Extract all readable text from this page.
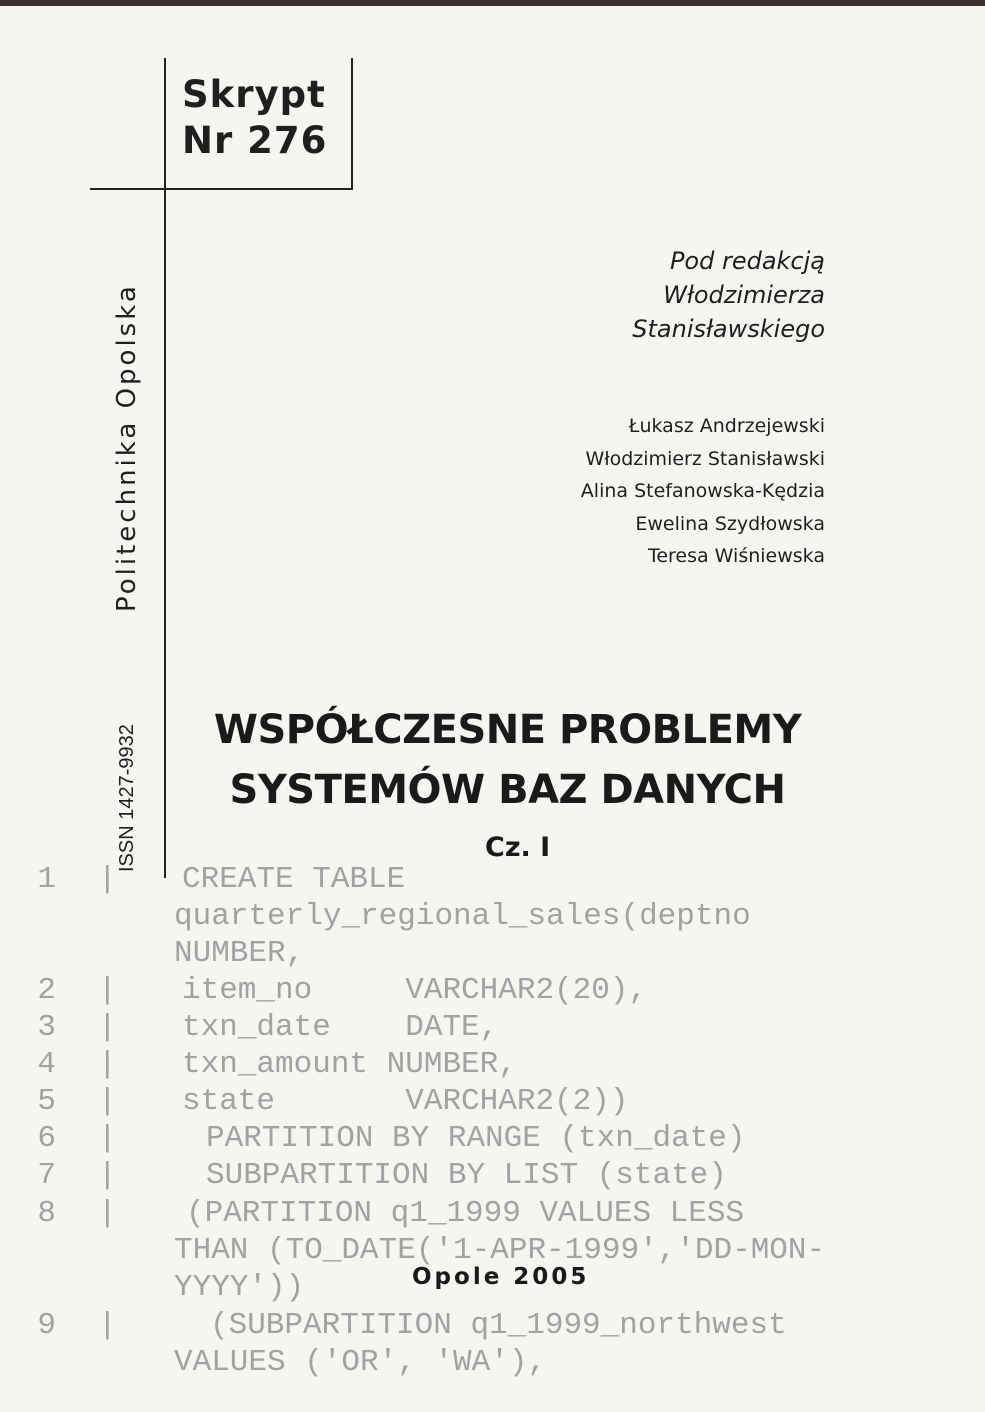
Skrypt
Nr 276
Politechnika Opolska
ISSN 1427-9932
Pod redakcją
Włodzimierza
Stanisławskiego
Łukasz Andrzejewski
Włodzimierz Stanisławski
Alina Stefanowska-Kędzia
Ewelina Szydłowska
Teresa Wiśniewska
WSPÓŁCZESNE PROBLEMY
SYSTEMÓW BAZ DANYCH
Cz. I
1 | CREATE TABLE
quarterly_regional_sales(deptno
NUMBER,
2 | item_no     VARCHAR2(20),
3 | txn_date    DATE,
4 | txn_amount NUMBER,
5 | state       VARCHAR2(2))
6 |	PARTITION BY RANGE (txn_date)
7 |	SUBPARTITION BY LIST (state)
8 | (PARTITION q1_1999 VALUES LESS
THAN (TO_DATE('1-APR-1999','DD-MON-
YYYY'))
9 |	(SUBPARTITION q1_1999_northwest
VALUES ('OR', 'WA'),
Opole 2005
